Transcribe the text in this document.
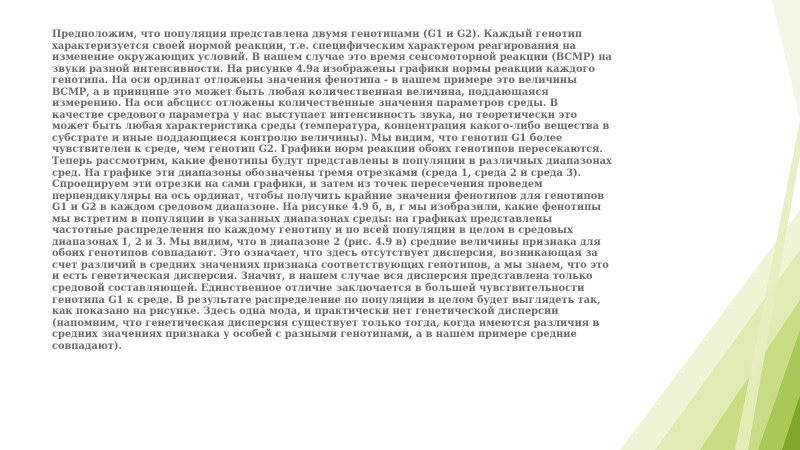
Предположим, что популяция представлена двумя генотипами (G1 и G2). Каждый генотип характеризуется своей нормой реакции, т.е. специфическим характером реагирования на изменение окружающих условий. В нашем случае это время сенсомоторной реакции (ВСМР) на звуки разной интенсивности. На рисунке 4.9а изображены графики нормы реакции каждого генотипа. На оси ординат отложены значения фенотипа - в нашем примере это величины ВСМР, а в принципе это может быть любая количественная величина, поддающаяся измерению. На оси абсцисс отложены количественные значения параметров среды. В качестве средового параметра у нас выступает интенсивность звука, но теоретически это может быть любая характеристика среды (температура, концентрация какого-либо вещества в субстрате и иные поддающиеся контролю величины). Мы видим, что генотип G1 более чувствителен к среде, чем генотип G2. Графики норм реакции обоих генотипов пересекаются. Теперь рассмотрим, какие фенотипы будут представлены в популяции в различных диапазонах сред. На графике эти диапазоны обозначены тремя отрезками (среда 1, среда 2 и среда 3). Спроецируем эти отрезки на сами графики, и затем из точек пересечения проведем перпендикуляры на ось ординат, чтобы получить крайние значения фенотипов для генотипов G1 и G2 в каждом средовом диапазоне. На рисунке 4.9 б, в, г мы изобразили, какие фенотипы мы встретим в популяции в указанных диапазонах среды: на графиках представлены частотные распределения по каждому генотипу и по всей популяции в целом в средовых диапазонах 1, 2 и 3. Мы видим, что в диапазоне 2 (рис. 4.9 в) средние величины признака для обоих генотипов совпадают. Это означает, что здесь отсутствует дисперсия, возникающая за счет различий в средних значениях признака соответствующих генотипов, а мы знаем, что это и есть генетическая дисперсия. Значит, в нашем случае вся дисперсия представлена только средовой составляющей. Единственное отличие заключается в большей чувствительности генотипа G1 к среде. В результате распределение по популяции в целом будет выглядеть так, как показано на рисунке. Здесь одна мода, и практически нет генетической дисперсии (напомним, что генетическая дисперсия существует только тогда, когда имеются различия в средних значениях признака у особей с разными генотипами, а в нашем примере средние совпадают).
